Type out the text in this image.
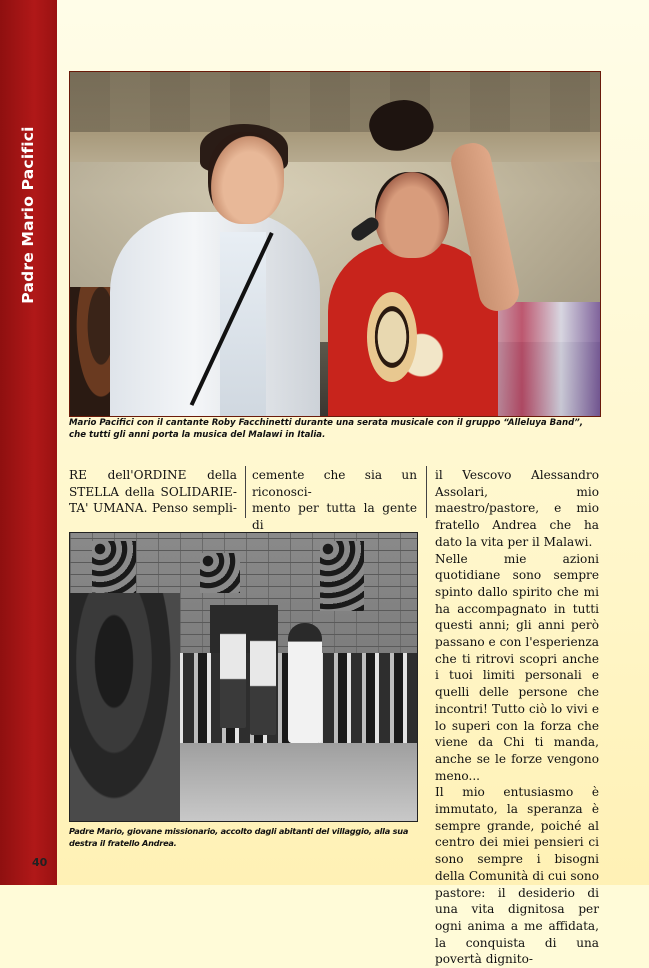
Padre Mario Pacifici
40
Mario Pacifici con il cantante Roby Facchinetti durante una serata musicale con il gruppo “Alleluya Band”, che tutti gli anni porta la musica del Malawi in Italia.

RE dell'ORDINE della

STELLA della SOLIDARIE-

TA' UMANA. Penso sempli-

cemente che sia un riconosci-

mento per tutta la gente di

il Vescovo Alessandro Assolari, mio maestro/pastore, e mio fratello Andrea che ha dato la vita per il Malawi.

Nelle mie azioni quotidiane sono sempre spinto dallo spirito che mi ha accompagnato in tutti questi anni; gli anni però passano e con l'esperienza che ti ritrovi scopri anche i tuoi limiti personali e quelli delle persone che incontri! Tutto ciò lo vivi e lo superi con la forza che viene da Chi ti manda, anche se le forze vengono meno...

Il mio entusiasmo è immutato, la speranza è sempre grande, poiché al centro dei miei pensieri ci sono sempre i bisogni della Comunità di cui sono pastore: il desiderio di una vita dignitosa per ogni anima a me affidata, la conquista di una povertà dignito-

Padre Mario, giovane missionario, accolto dagli abitanti del villaggio, alla sua destra il fratello Andrea.
